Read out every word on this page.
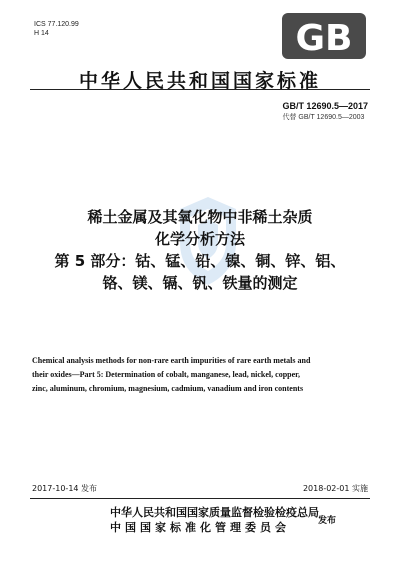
ICS 77.120.99
H 14	GB
中华人民共和国国家标准
GB/T 12690.5—2017
代替 GB/T 12690.5—2003
稀土金属及其氧化物中非稀土杂质
化学分析方法
第 5 部分：钴、锰、铅、镍、铜、锌、铝、
铬、镁、镉、钒、铁量的测定
Chemical analysis methods for non-rare earth impurities of rare earth metals and
their oxides—Part 5: Determination of cobalt, manganese, lead, nickel, copper,
zinc, aluminum, chromium, magnesium, cadmium, vanadium and iron contents
2017-10-14 发布	2018-02-01 实施
中华人民共和国国家质量监督检验检疫总局
中国国家标准化管理委员会	发布
